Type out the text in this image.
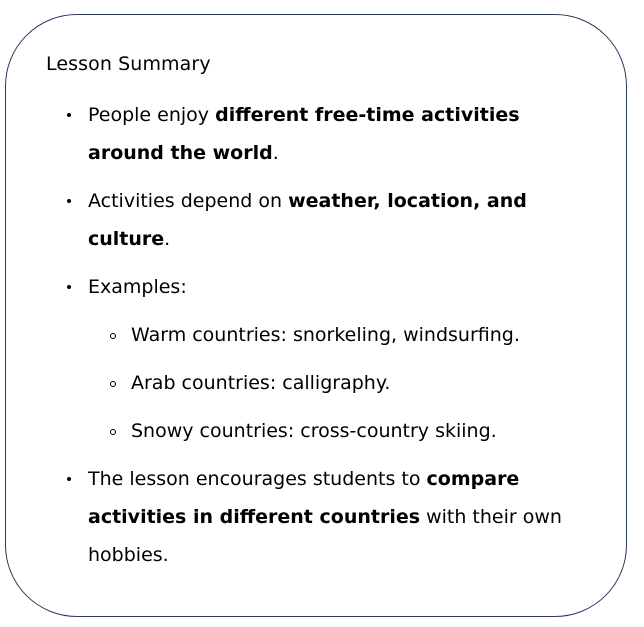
Lesson Summary
People enjoy different free-time activities around the world.
Activities depend on weather, location, and culture.
Examples:
Warm countries: snorkeling, windsurfing.
Arab countries: calligraphy.
Snowy countries: cross-country skiing.
The lesson encourages students to compare activities in different countries with their own hobbies.
